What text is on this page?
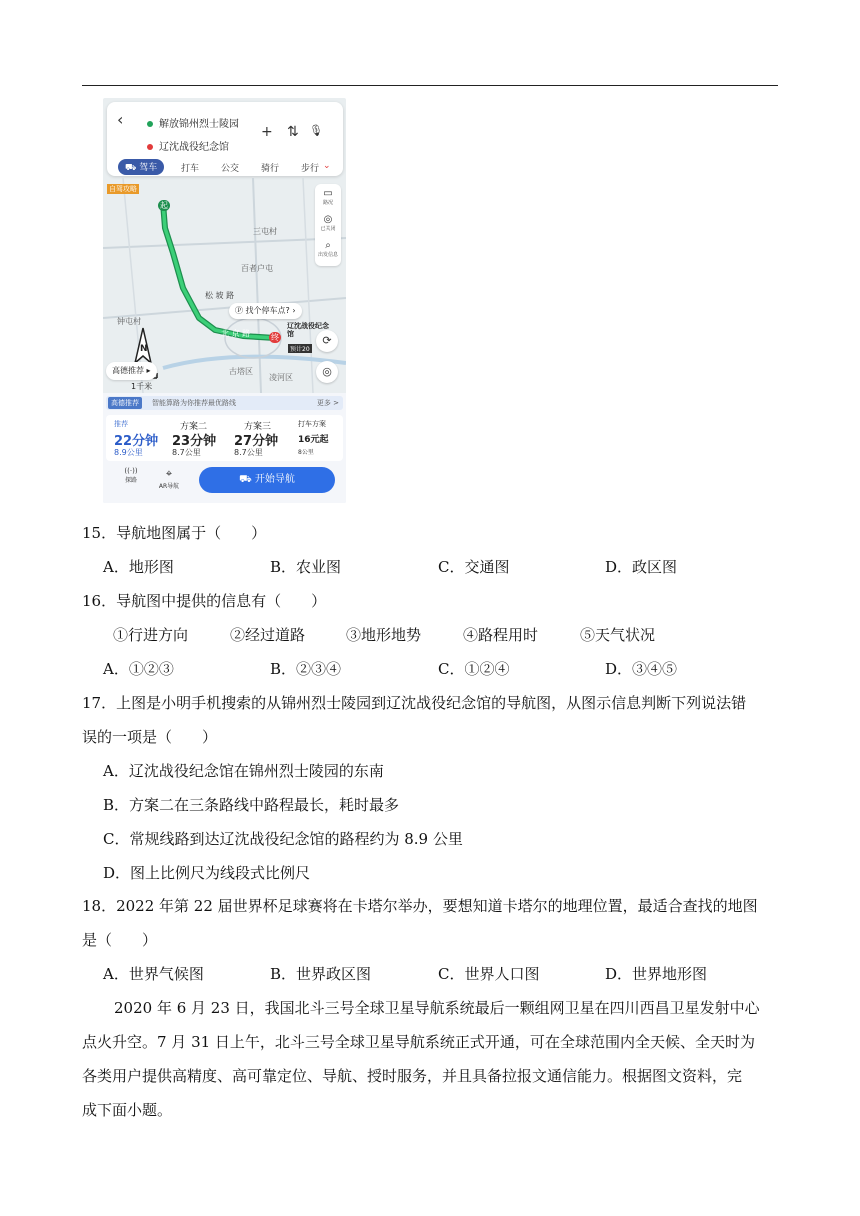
‹	解放锦州烈士陵园
辽沈战役纪念馆
+ ⇅ 🎙
⛟ 驾车	打车 公交 骑行 步行 ⌄
自驾攻略
起
终
N
1千米
三屯村
百者户屯
松 坡 路
钟屯村
北 京 路
古塔区
凌河区
▭
路况
◎
已关闭
⌕
出发信息
Ⓟ 找个停车点? ›
辽沈战役纪念
馆
预计20
⟳
◎
高德推荐 ▸
高德推荐	智能算路为你推荐最优路线	更多 >
推荐
22分钟
8.9公里
方案二
23分钟
8.7公里
方案三
27分钟
8.7公里
打车方案
16元起
8公里
((·))
探路
⌖
AR导航
⛟ 开始导航
15．导航地图属于（　　）
A．地形图	B．农业图	C．交通图	D．政区图
16．导航图中提供的信息有（　　）
①行进方向	②经过道路	③地形地势	④路程用时	⑤天气状况
A．①②③	B．②③④	C．①②④	D．③④⑤
17．上图是小明手机搜索的从锦州烈士陵园到辽沈战役纪念馆的导航图，从图示信息判断下列说法错
误的一项是（　　）
A．辽沈战役纪念馆在锦州烈士陵园的东南
B．方案二在三条路线中路程最长，耗时最多
C．常规线路到达辽沈战役纪念馆的路程约为 8.9 公里
D．图上比例尺为线段式比例尺
18．2022 年第 22 届世界杯足球赛将在卡塔尔举办，要想知道卡塔尔的地理位置，最适合查找的地图
是（　　）
A．世界气候图	B．世界政区图	C．世界人口图	D．世界地形图
2020 年 6 月 23 日，我国北斗三号全球卫星导航系统最后一颗组网卫星在四川西昌卫星发射中心
点火升空。7 月 31 日上午，北斗三号全球卫星导航系统正式开通，可在全球范围内全天候、全天时为
各类用户提供高精度、高可靠定位、导航、授时服务，并且具备拉报文通信能力。根据图文资料，完
成下面小题。
